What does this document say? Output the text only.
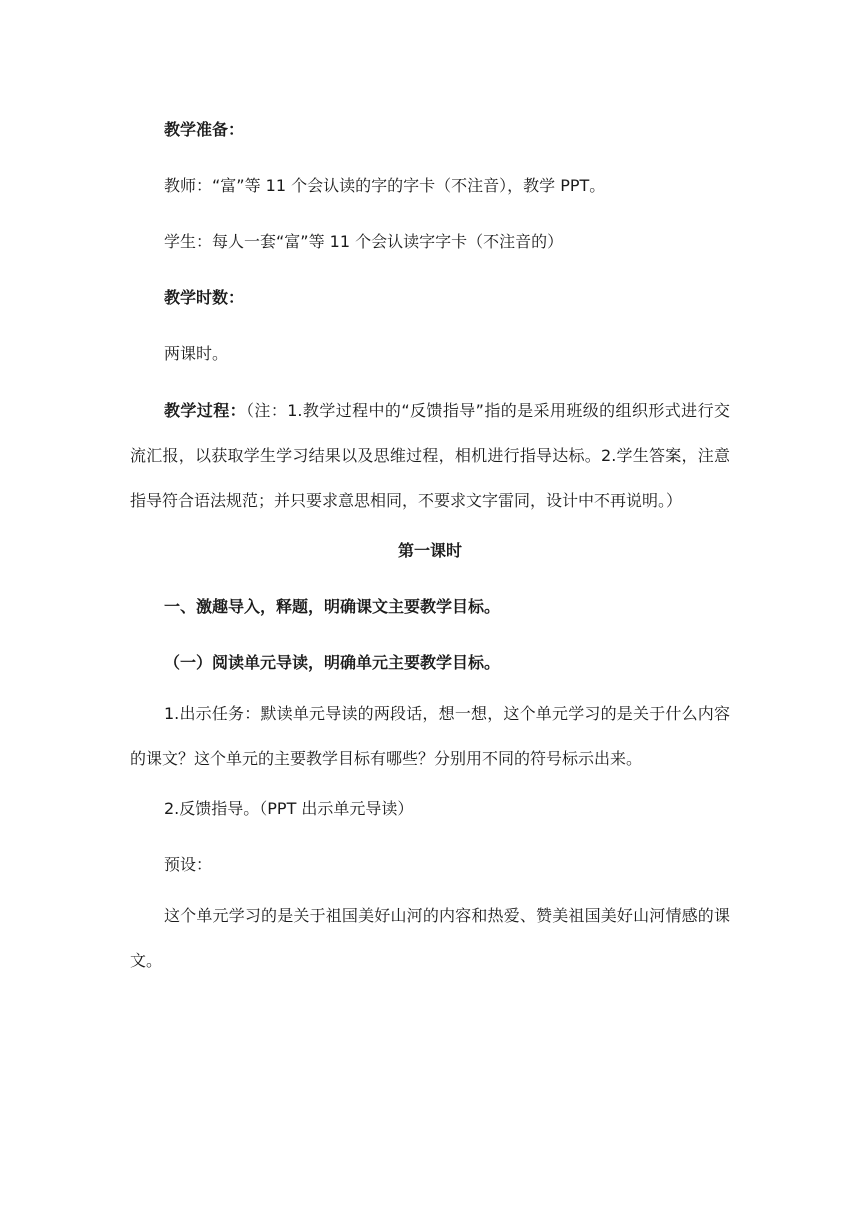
教学准备：

教师：“富”等 11 个会认读的字的字卡（不注音），教学 PPT。

学生：每人一套“富”等 11 个会认读字字卡（不注音的）

教学时数：

两课时。

教学过程：（注：1.教学过程中的“反馈指导”指的是采用班级的组织形式进行交流汇报，以获取学生学习结果以及思维过程，相机进行指导达标。2.学生答案，注意指导符合语法规范；并只要求意思相同，不要求文字雷同，设计中不再说明。）

第一课时

一、激趣导入，释题，明确课文主要教学目标。

（一）阅读单元导读，明确单元主要教学目标。

1.出示任务：默读单元导读的两段话，想一想，这个单元学习的是关于什么内容的课文？这个单元的主要教学目标有哪些？分别用不同的符号标示出来。

2.反馈指导。（PPT 出示单元导读）

预设：

这个单元学习的是关于祖国美好山河的内容和热爱、赞美祖国美好山河情感的课文。
